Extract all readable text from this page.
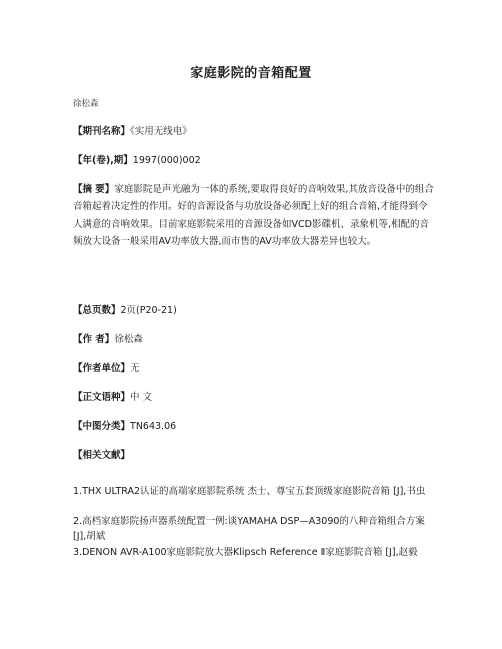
家庭影院的音箱配置
徐松森
【期刊名称】《实用无线电》
【年(卷),期】1997(000)002
【摘 要】家庭影院是声光融为一体的系统,要取得良好的音响效果,其放音设备中的组合音箱起着决定性的作用。好的音源设备与功放设备必须配上好的组合音箱,才能得到令人满意的音响效果。目前家庭影院采用的音源设备如VCD影碟机、录象机等,相配的音频放大设备一般采用AV功率放大器,而市售的AV功率放大器差异也较大。
【总页数】2页(P20-21)
【作 者】徐松森
【作者单位】无
【正文语种】中 文
【中图分类】TN643.06
【相关文献】
1.THX ULTRA2认证的高端家庭影院系统 杰士、尊宝五套顶级家庭影院音箱 [J],书虫
2.高档家庭影院扬声器系统配置一例:谈YAMAHA DSP—A3090的八种音箱组合方案 [J],胡斌
3.DENON AVR-A100家庭影院放大器Klipsch Reference Ⅱ家庭影院音箱 [J],赵毅
